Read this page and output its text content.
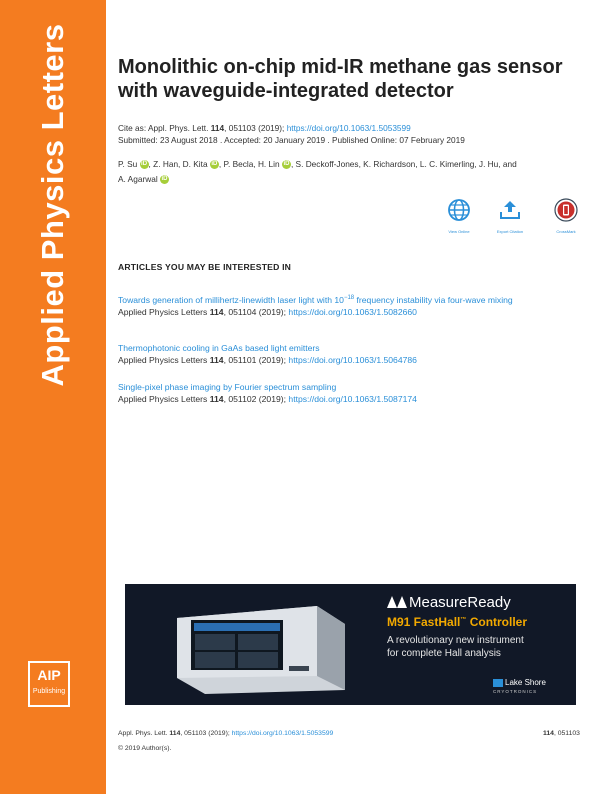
Applied Physics Letters
AIP
Publishing
Monolithic on-chip mid-IR methane gas sensor with waveguide-integrated detector
Cite as: Appl. Phys. Lett. 114, 051103 (2019); https://doi.org/10.1063/1.5053599
Submitted: 23 August 2018 . Accepted: 20 January 2019 . Published Online: 07 February 2019
P. Su iD , Z. Han, D. Kita iD , P. Becla, H. Lin iD , S. Deckoff-Jones, K. Richardson, L. C. Kimerling, J. Hu, and
A. Agarwal iD
View Online	Export Citation	CrossMark
ARTICLES YOU MAY BE INTERESTED IN
Towards generation of millihertz-linewidth laser light with $10^{-18}$ frequency instability via four-wave mixing
Applied Physics Letters 114, 051104 (2019); https://doi.org/10.1063/1.5082660
Thermophotonic cooling in GaAs based light emitters
Applied Physics Letters 114, 051101 (2019); https://doi.org/10.1063/1.5064786
Single-pixel phase imaging by Fourier spectrum sampling
Applied Physics Letters 114, 051102 (2019); https://doi.org/10.1063/1.5087174
MeasureReady
M91 FastHall™ Controller
A revolutionary new instrument
for complete Hall analysis
Lake Shore
CRYOTRONICS
Appl. Phys. Lett. 114, 051103 (2019); https://doi.org/10.1063/1.5053599	114, 051103
© 2019 Author(s).
